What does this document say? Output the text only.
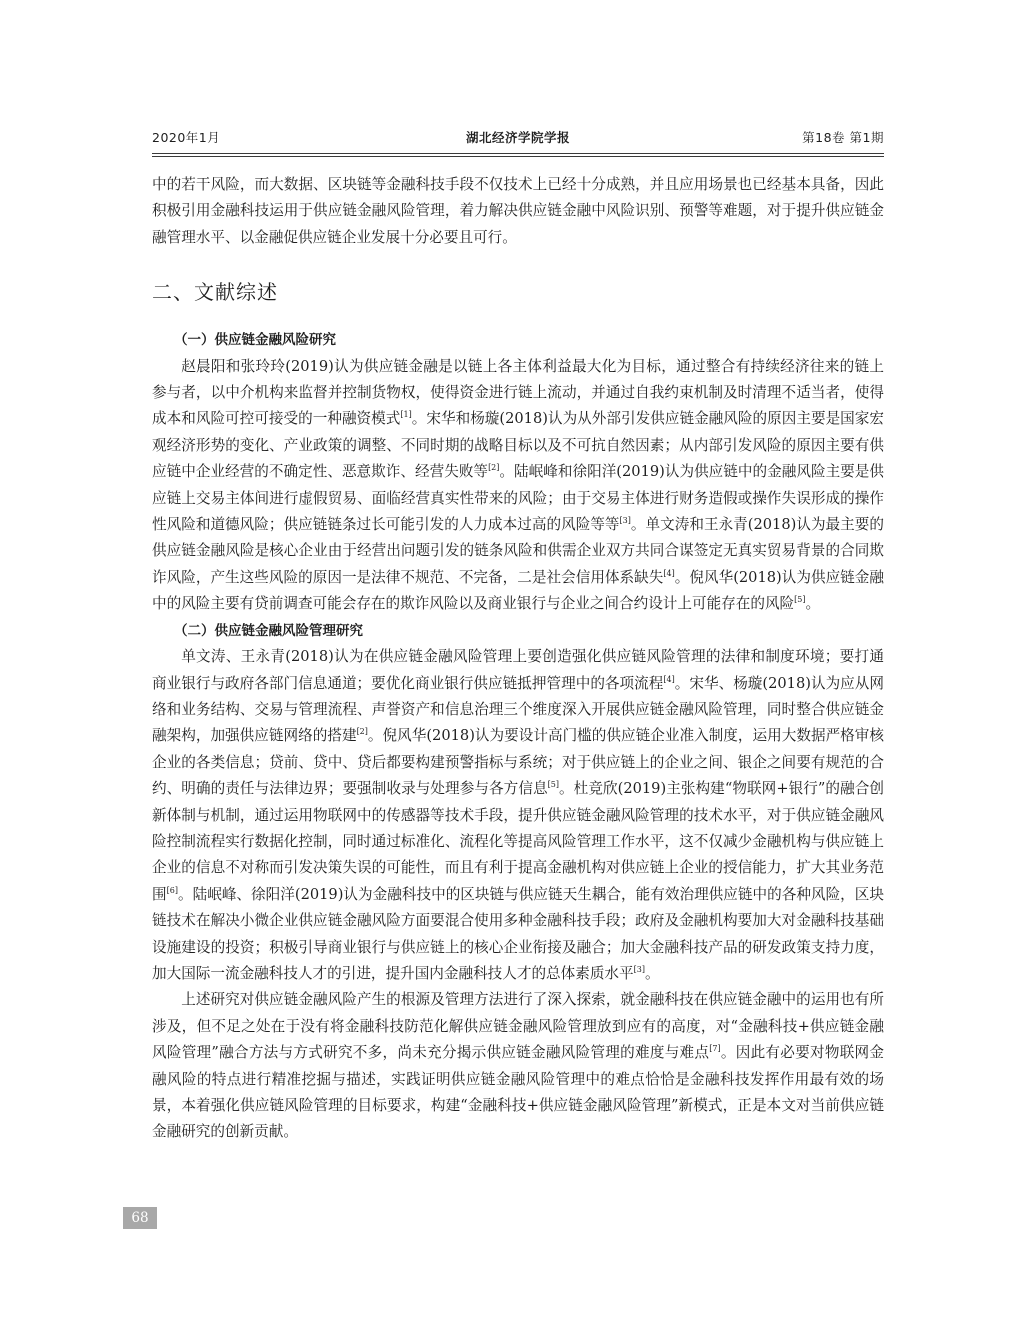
2020年1月	湖北经济学院学报	第18卷 第1期

中的若干风险，而大数据、区块链等金融科技手段不仅技术上已经十分成熟，并且应用场景也已经基本具备，因此积极引用金融科技运用于供应链金融风险管理，着力解决供应链金融中风险识别、预警等难题，对于提升供应链金融管理水平、以金融促供应链企业发展十分必要且可行。

二、文献综述

（一）供应链金融风险研究

赵晨阳和张玲玲(2019)认为供应链金融是以链上各主体利益最大化为目标，通过整合有持续经济往来的链上参与者，以中介机构来监督并控制货物权，使得资金进行链上流动，并通过自我约束机制及时清理不适当者，使得成本和风险可控可接受的一种融资模式[1]。宋华和杨璇(2018)认为从外部引发供应链金融风险的原因主要是国家宏观经济形势的变化、产业政策的调整、不同时期的战略目标以及不可抗自然因素；从内部引发风险的原因主要有供应链中企业经营的不确定性、恶意欺诈、经营失败等[2]。陆岷峰和徐阳洋(2019)认为供应链中的金融风险主要是供应链上交易主体间进行虚假贸易、面临经营真实性带来的风险；由于交易主体进行财务造假或操作失误形成的操作性风险和道德风险；供应链链条过长可能引发的人力成本过高的风险等等[3]。单文涛和王永青(2018)认为最主要的供应链金融风险是核心企业由于经营出问题引发的链条风险和供需企业双方共同合谋签定无真实贸易背景的合同欺诈风险，产生这些风险的原因一是法律不规范、不完备，二是社会信用体系缺失[4]。倪风华(2018)认为供应链金融中的风险主要有贷前调查可能会存在的欺诈风险以及商业银行与企业之间合约设计上可能存在的风险[5]。

（二）供应链金融风险管理研究

单文涛、王永青(2018)认为在供应链金融风险管理上要创造强化供应链风险管理的法律和制度环境；要打通商业银行与政府各部门信息通道；要优化商业银行供应链抵押管理中的各项流程[4]。宋华、杨璇(2018)认为应从网络和业务结构、交易与管理流程、声誉资产和信息治理三个维度深入开展供应链金融风险管理，同时整合供应链金融架构，加强供应链网络的搭建[2]。倪风华(2018)认为要设计高门槛的供应链企业准入制度，运用大数据严格审核企业的各类信息；贷前、贷中、贷后都要构建预警指标与系统；对于供应链上的企业之间、银企之间要有规范的合约、明确的责任与法律边界；要强制收录与处理参与各方信息[5]。杜竞欣(2019)主张构建“物联网+银行”的融合创新体制与机制，通过运用物联网中的传感器等技术手段，提升供应链金融风险管理的技术水平，对于供应链金融风险控制流程实行数据化控制，同时通过标准化、流程化等提高风险管理工作水平，这不仅减少金融机构与供应链上企业的信息不对称而引发决策失误的可能性，而且有利于提高金融机构对供应链上企业的授信能力，扩大其业务范围[6]。陆岷峰、徐阳洋(2019)认为金融科技中的区块链与供应链天生耦合，能有效治理供应链中的各种风险，区块链技术在解决小微企业供应链金融风险方面要混合使用多种金融科技手段；政府及金融机构要加大对金融科技基础设施建设的投资；积极引导商业银行与供应链上的核心企业衔接及融合；加大金融科技产品的研发政策支持力度，加大国际一流金融科技人才的引进，提升国内金融科技人才的总体素质水平[3]。

上述研究对供应链金融风险产生的根源及管理方法进行了深入探索，就金融科技在供应链金融中的运用也有所涉及，但不足之处在于没有将金融科技防范化解供应链金融风险管理放到应有的高度，对“金融科技+供应链金融风险管理”融合方法与方式研究不多，尚未充分揭示供应链金融风险管理的难度与难点[7]。因此有必要对物联网金融风险的特点进行精准挖掘与描述，实践证明供应链金融风险管理中的难点恰恰是金融科技发挥作用最有效的场景，本着强化供应链风险管理的目标要求，构建“金融科技+供应链金融风险管理”新模式，正是本文对当前供应链金融研究的创新贡献。

68
